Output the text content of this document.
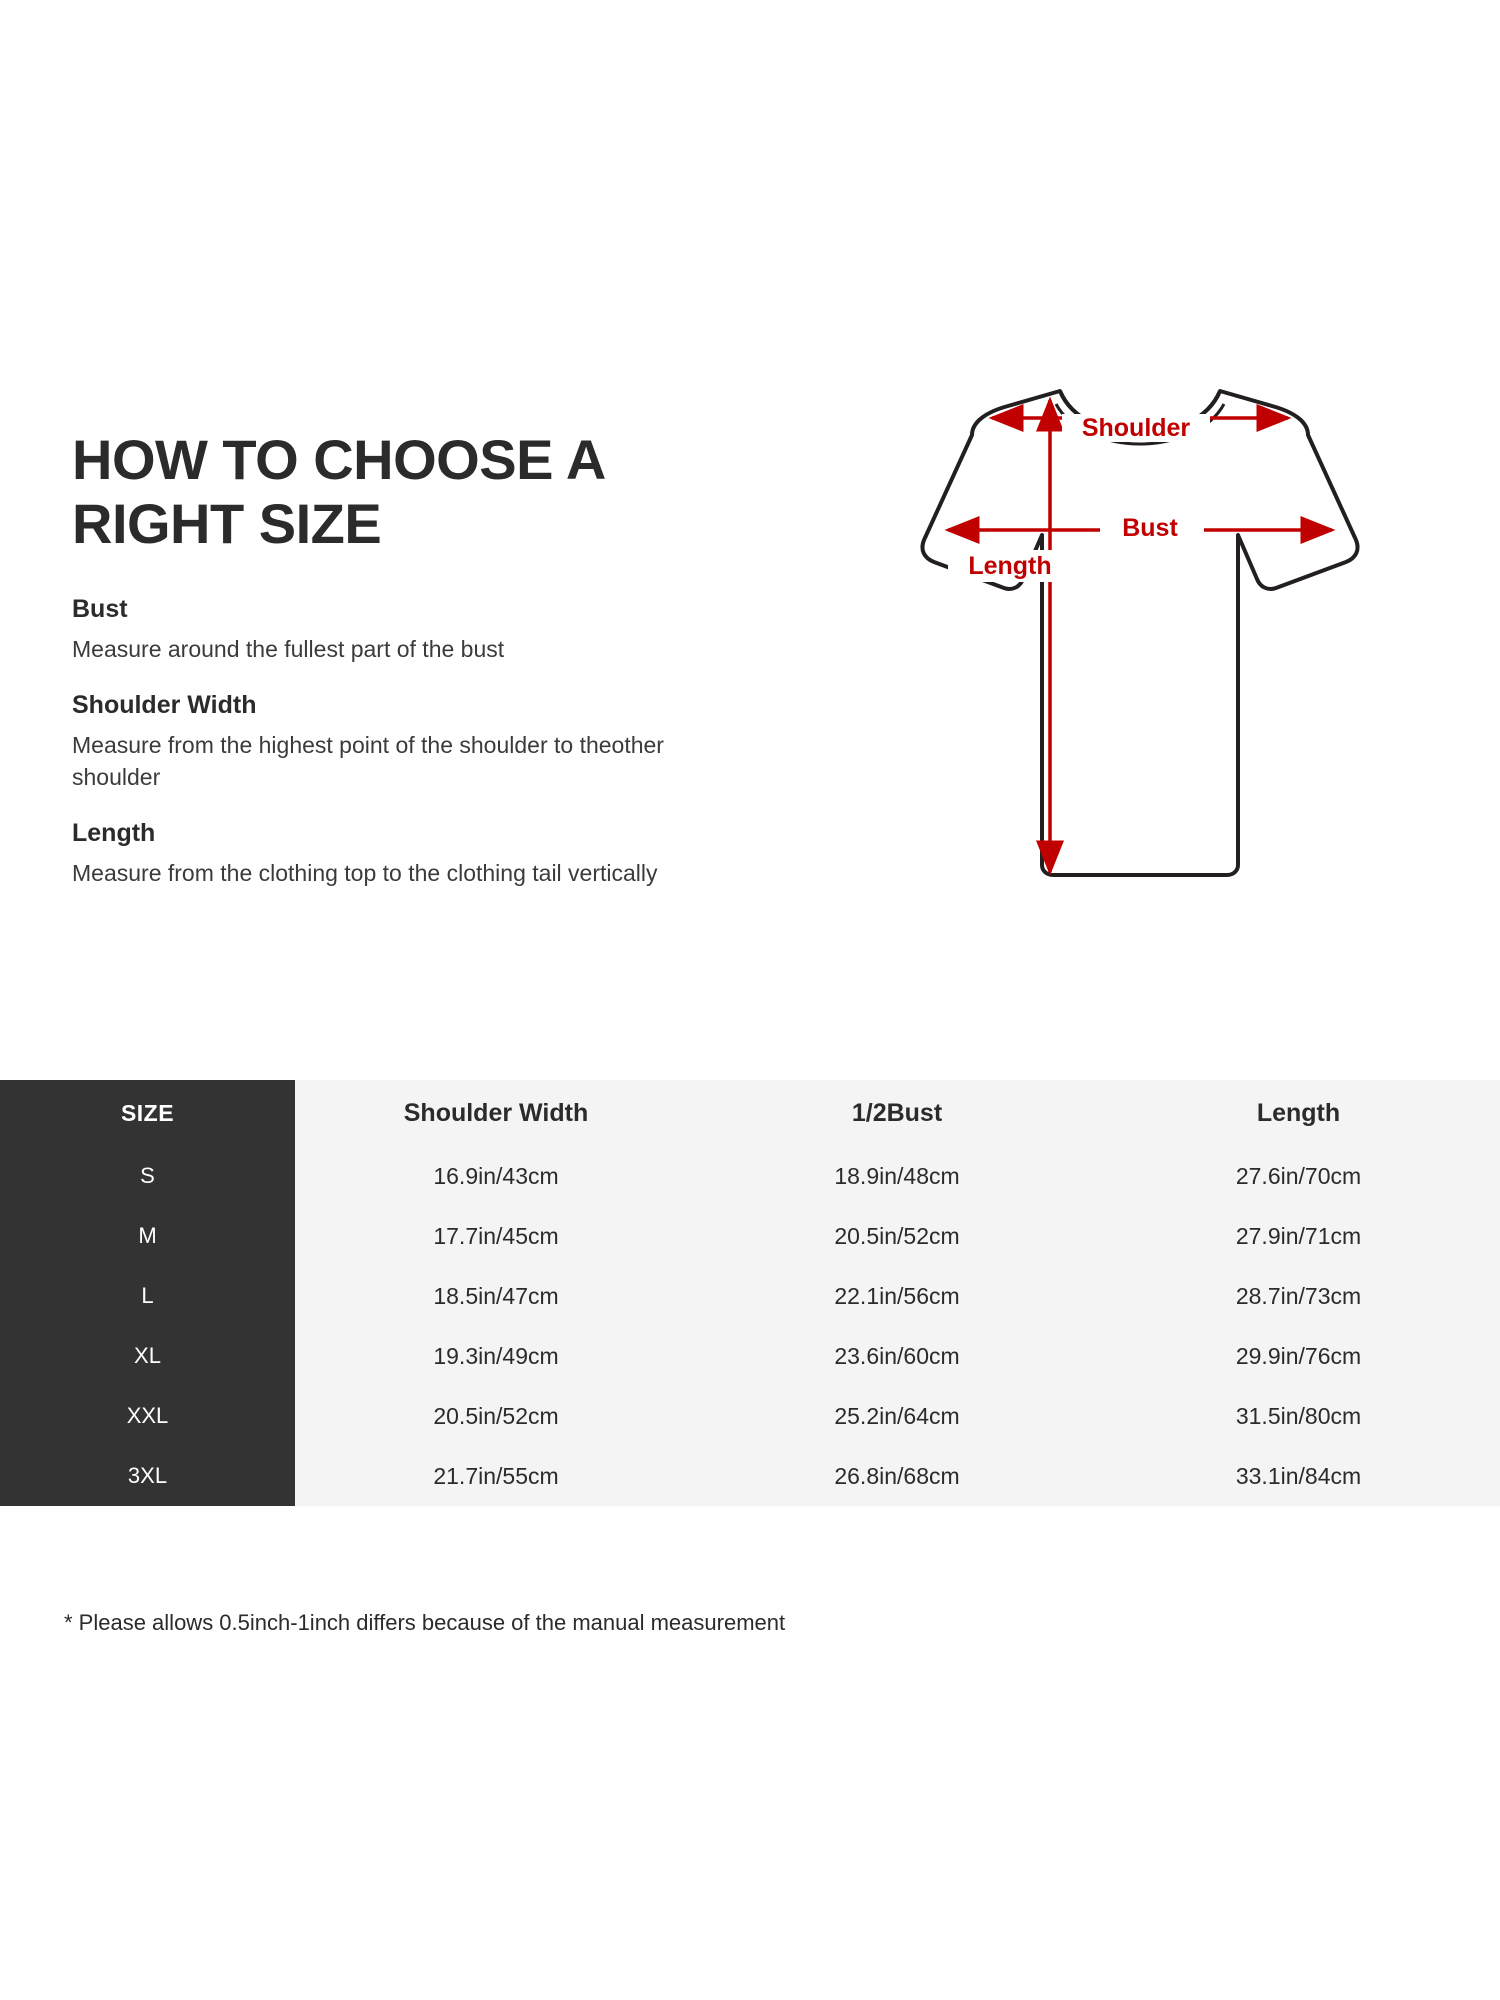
HOW TO CHOOSE A RIGHT SIZE

Bust

Measure around the fullest part of the bust

Shoulder Width

Measure from the highest point of the shoulder to theother shoulder

Length

Measure from the clothing top to the clothing tail vertically

Shoulder
Bust
Length
SIZE	Shoulder Width	1/2Bust	Length
S	16.9in/43cm	18.9in/48cm	27.6in/70cm
M	17.7in/45cm	20.5in/52cm	27.9in/71cm
L	18.5in/47cm	22.1in/56cm	28.7in/73cm
XL	19.3in/49cm	23.6in/60cm	29.9in/76cm
XXL	20.5in/52cm	25.2in/64cm	31.5in/80cm
3XL	21.7in/55cm	26.8in/68cm	33.1in/84cm
* Please allows 0.5inch-1inch differs because of the manual measurement
